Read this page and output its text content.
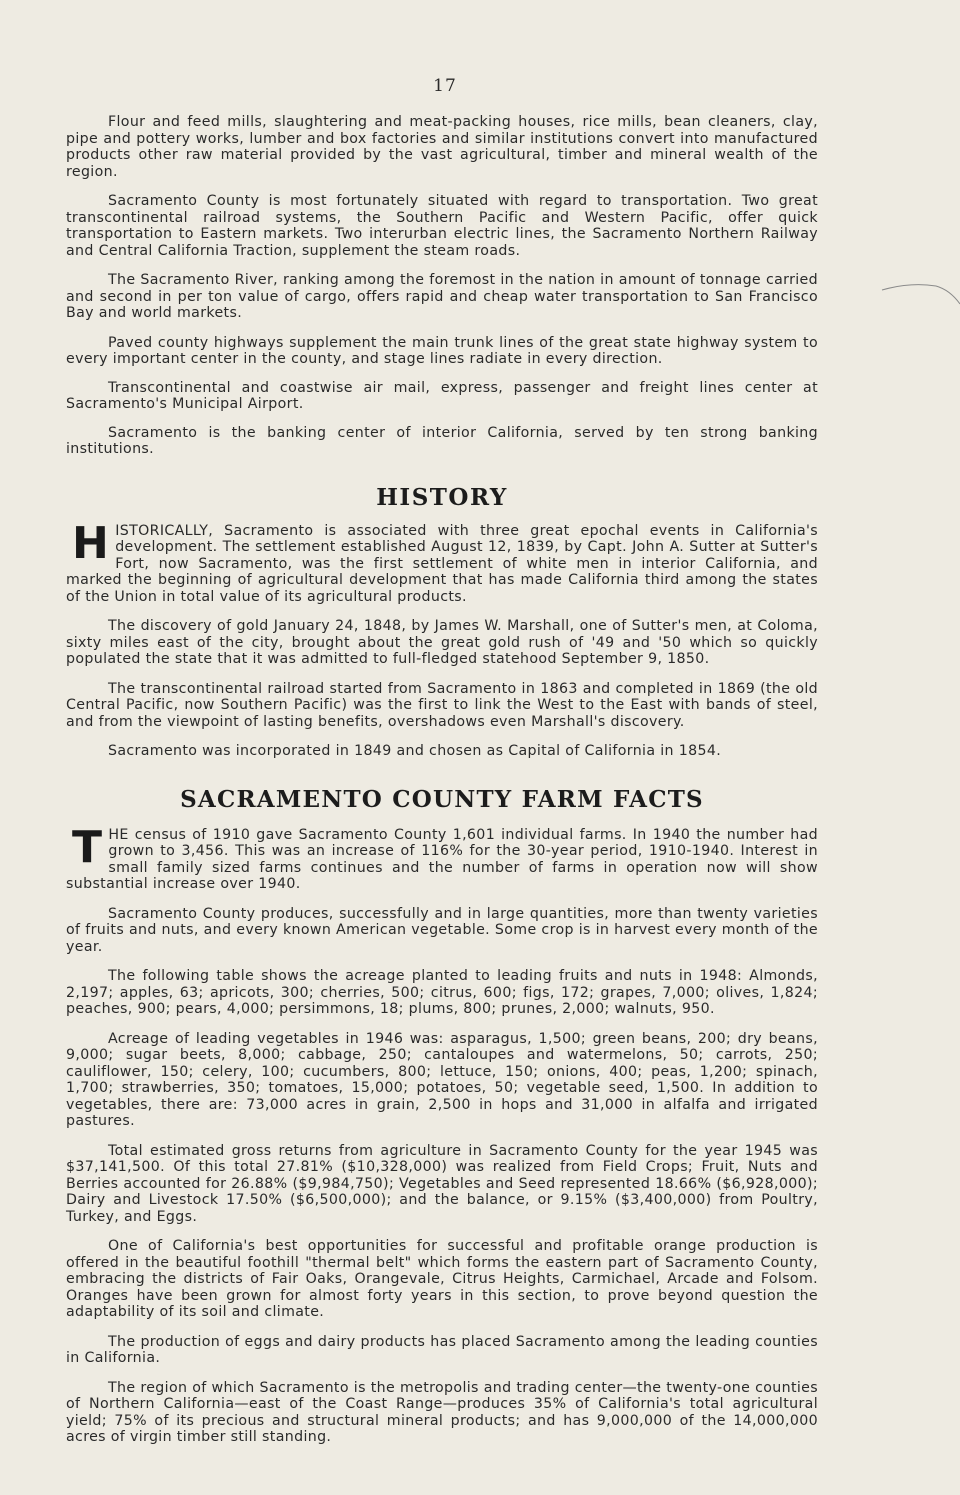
17

Flour and feed mills, slaughtering and meat-packing houses, rice mills, bean cleaners, clay, pipe and pottery works, lumber and box factories and similar institutions convert into manufactured products other raw material provided by the vast agricultural, timber and mineral wealth of the region.

Sacramento County is most fortunately situated with regard to transportation. Two great transcontinental railroad systems, the Southern Pacific and Western Pacific, offer quick transportation to Eastern markets. Two interurban electric lines, the Sacramento Northern Railway and Central California Traction, supplement the steam roads.

The Sacramento River, ranking among the foremost in the nation in amount of tonnage carried and second in per ton value of cargo, offers rapid and cheap water transportation to San Francisco Bay and world markets.

Paved county highways supplement the main trunk lines of the great state highway system to every important center in the county, and stage lines radiate in every direction.

Transcontinental and coastwise air mail, express, passenger and freight lines center at Sacramento's Municipal Airport.

Sacramento is the banking center of interior California, served by ten strong banking institutions.

HISTORY

HISTORICALLY, Sacramento is associated with three great epochal events in California's development. The settlement established August 12, 1839, by Capt. John A. Sutter at Sutter's Fort, now Sacramento, was the first settlement of white men in interior California, and marked the beginning of agricultural development that has made California third among the states of the Union in total value of its agricultural products.

The discovery of gold January 24, 1848, by James W. Marshall, one of Sutter's men, at Coloma, sixty miles east of the city, brought about the great gold rush of '49 and '50 which so quickly populated the state that it was admitted to full-fledged statehood September 9, 1850.

The transcontinental railroad started from Sacramento in 1863 and completed in 1869 (the old Central Pacific, now Southern Pacific) was the first to link the West to the East with bands of steel, and from the viewpoint of lasting benefits, overshadows even Marshall's discovery.

Sacramento was incorporated in 1849 and chosen as Capital of California in 1854.

SACRAMENTO COUNTY FARM FACTS

THE census of 1910 gave Sacramento County 1,601 individual farms. In 1940 the number had grown to 3,456. This was an increase of 116% for the 30-year period, 1910-1940. Interest in small family sized farms continues and the number of farms in operation now will show substantial increase over 1940.

Sacramento County produces, successfully and in large quantities, more than twenty varieties of fruits and nuts, and every known American vegetable. Some crop is in harvest every month of the year.

The following table shows the acreage planted to leading fruits and nuts in 1948: Almonds, 2,197; apples, 63; apricots, 300; cherries, 500; citrus, 600; figs, 172; grapes, 7,000; olives, 1,824; peaches, 900; pears, 4,000; persimmons, 18; plums, 800; prunes, 2,000; walnuts, 950.

Acreage of leading vegetables in 1946 was: asparagus, 1,500; green beans, 200; dry beans, 9,000; sugar beets, 8,000; cabbage, 250; cantaloupes and watermelons, 50; carrots, 250; cauliflower, 150; celery, 100; cucumbers, 800; lettuce, 150; onions, 400; peas, 1,200; spinach, 1,700; strawberries, 350; tomatoes, 15,000; potatoes, 50; vegetable seed, 1,500. In addition to vegetables, there are: 73,000 acres in grain, 2,500 in hops and 31,000 in alfalfa and irrigated pastures.

Total estimated gross returns from agriculture in Sacramento County for the year 1945 was $37,141,500. Of this total 27.81% ($10,328,000) was realized from Field Crops; Fruit, Nuts and Berries accounted for 26.88% ($9,984,750); Vegetables and Seed represented 18.66% ($6,928,000); Dairy and Livestock 17.50% ($6,500,000); and the balance, or 9.15% ($3,400,000) from Poultry, Turkey, and Eggs.

One of California's best opportunities for successful and profitable orange production is offered in the beautiful foothill "thermal belt" which forms the eastern part of Sacramento County, embracing the districts of Fair Oaks, Orangevale, Citrus Heights, Carmichael, Arcade and Folsom. Oranges have been grown for almost forty years in this section, to prove beyond question the adaptability of its soil and climate.

The production of eggs and dairy products has placed Sacramento among the leading counties in California.

The region of which Sacramento is the metropolis and trading center—the twenty-one counties of Northern California—east of the Coast Range—produces 35% of California's total agricultural yield; 75% of its precious and structural mineral products; and has 9,000,000 of the 14,000,000 acres of virgin timber still standing.
